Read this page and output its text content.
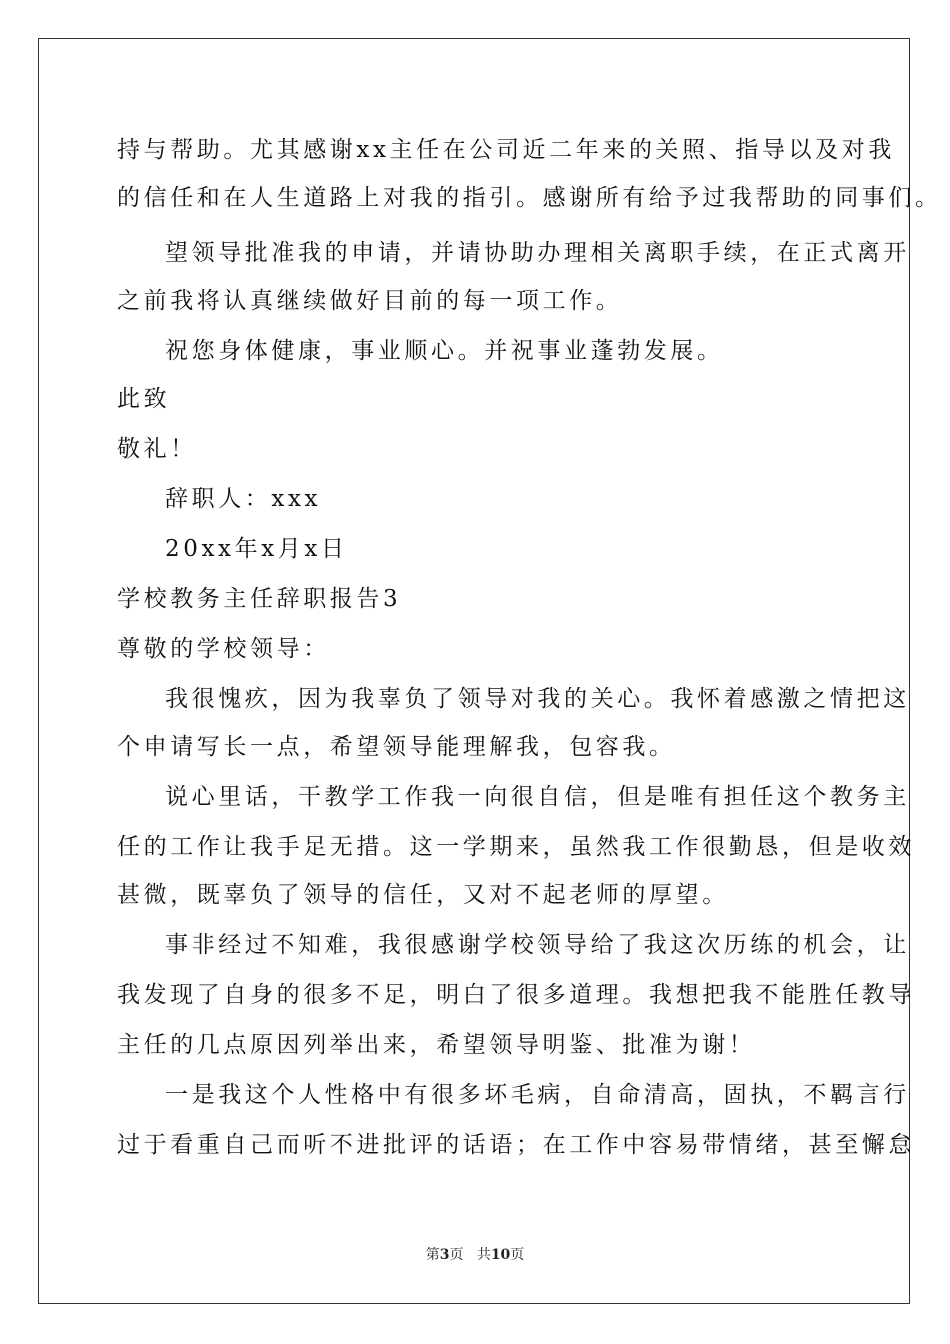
持与帮助。尤其感谢xx主任在公司近二年来的关照、指导以及对我
的信任和在人生道路上对我的指引。感谢所有给予过我帮助的同事们。
望领导批准我的申请，并请协助办理相关离职手续，在正式离开
之前我将认真继续做好目前的每一项工作。
祝您身体健康，事业顺心。并祝事业蓬勃发展。
此致
敬礼！
辞职人：xxx
20xx年x月x日
学校教务主任辞职报告3
尊敬的学校领导：
我很愧疚，因为我辜负了领导对我的关心。我怀着感激之情把这
个申请写长一点，希望领导能理解我，包容我。
说心里话，干教学工作我一向很自信，但是唯有担任这个教务主
任的工作让我手足无措。这一学期来，虽然我工作很勤恳，但是收效
甚微，既辜负了领导的信任，又对不起老师的厚望。
事非经过不知难，我很感谢学校领导给了我这次历练的机会，让
我发现了自身的很多不足，明白了很多道理。我想把我不能胜任教导
主任的几点原因列举出来，希望领导明鉴、批准为谢！
一是我这个人性格中有很多坏毛病，自命清高，固执，不羁言行
过于看重自己而听不进批评的话语；在工作中容易带情绪，甚至懈怠
第3页 共10页
